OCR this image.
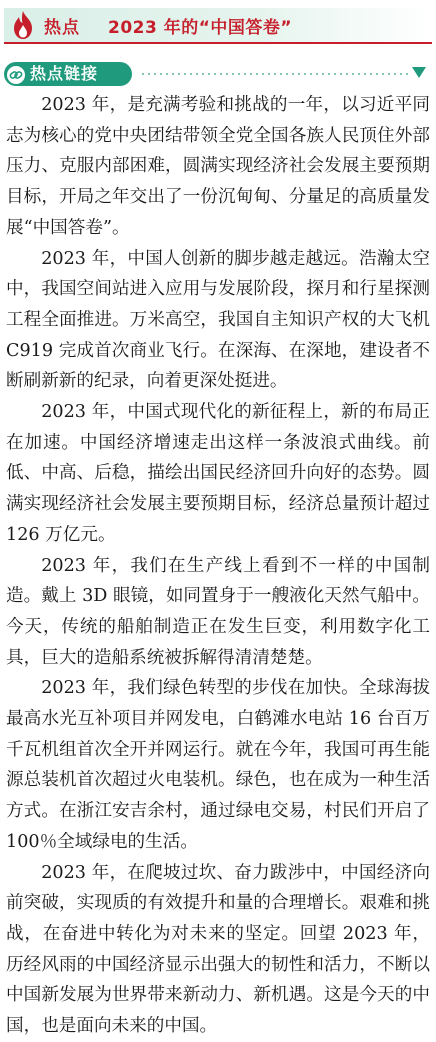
热点 2023 年的“中国答卷”
热点链接

2023 年，是充满考验和挑战的一年，以习近平同志为核心的党中央团结带领全党全国各族人民顶住外部压力、克服内部困难，圆满实现经济社会发展主要预期目标，开局之年交出了一份沉甸甸、分量足的高质量发展“中国答卷”。

2023 年，中国人创新的脚步越走越远。浩瀚太空中，我国空间站进入应用与发展阶段，探月和行星探测工程全面推进。万米高空，我国自主知识产权的大飞机 C919 完成首次商业飞行。在深海、在深地，建设者不断刷新新的纪录，向着更深处挺进。

2023 年，中国式现代化的新征程上，新的布局正在加速。中国经济增速走出这样一条波浪式曲线。前低、中高、后稳，描绘出国民经济回升向好的态势。圆满实现经济社会发展主要预期目标，经济总量预计超过 126 万亿元。

2023 年，我们在生产线上看到不一样的中国制造。戴上 3D 眼镜，如同置身于一艘液化天然气船中。今天，传统的船舶制造正在发生巨变，利用数字化工具，巨大的造船系统被拆解得清清楚楚。

2023 年，我们绿色转型的步伐在加快。全球海拔最高水光互补项目并网发电，白鹤滩水电站 16 台百万千瓦机组首次全开并网运行。就在今年，我国可再生能源总装机首次超过火电装机。绿色，也在成为一种生活方式。在浙江安吉余村，通过绿电交易，村民们开启了 100％全域绿电的生活。

2023 年，在爬坡过坎、奋力跋涉中，中国经济向前突破，实现质的有效提升和量的合理增长。艰难和挑战，在奋进中转化为对未来的坚定。回望 2023 年，历经风雨的中国经济显示出强大的韧性和活力，不断以中国新发展为世界带来新动力、新机遇。这是今天的中国，也是面向未来的中国。
